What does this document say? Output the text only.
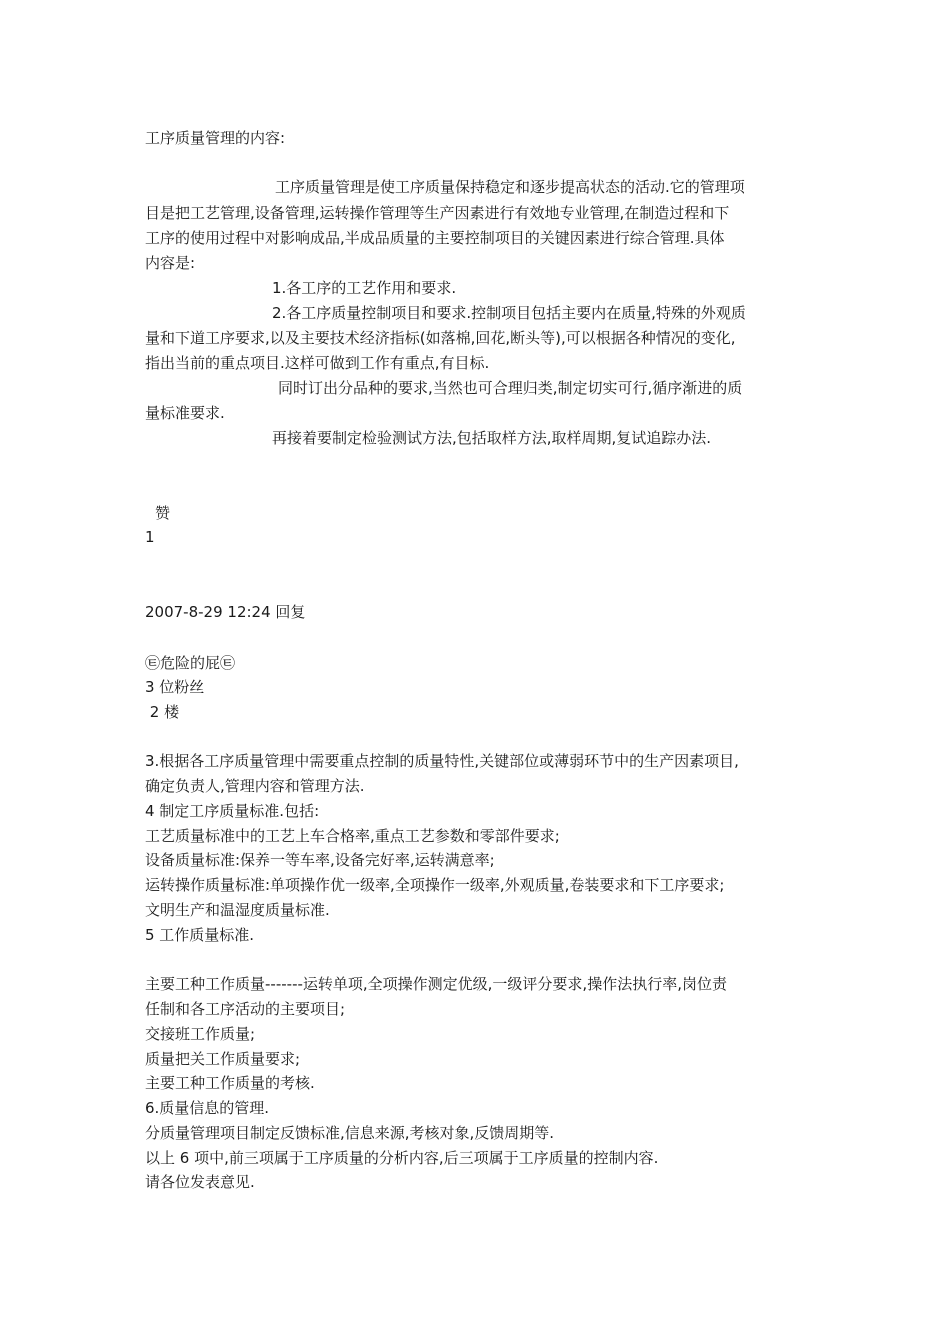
工序质量管理的内容:
工序质量管理是使工序质量保持稳定和逐步提高状态的活动.它的管理项
目是把工艺管理,设备管理,运转操作管理等生产因素进行有效地专业管理,在制造过程和下
工序的使用过程中对影响成品,半成品质量的主要控制项目的关键因素进行综合管理.具体
内容是:
1.各工序的工艺作用和要求.
2.各工序质量控制项目和要求.控制项目包括主要内在质量,特殊的外观质
量和下道工序要求,以及主要技术经济指标(如落棉,回花,断头等),可以根据各种情况的变化,
指出当前的重点项目.这样可做到工作有重点,有目标.
同时订出分品种的要求,当然也可合理归类,制定切实可行,循序渐进的质
量标准要求.
再接着要制定检验测试方法,包括取样方法,取样周期,复试追踪办法.
赞
1
2007-8-29 12:24 回复
㉫危险的屁㉫
3 位粉丝
2 楼
3.根据各工序质量管理中需要重点控制的质量特性,关键部位或薄弱环节中的生产因素项目,
确定负责人,管理内容和管理方法.
4 制定工序质量标准.包括:
工艺质量标准中的工艺上车合格率,重点工艺参数和零部件要求;
设备质量标准:保养一等车率,设备完好率,运转满意率;
运转操作质量标准:单项操作优一级率,全项操作一级率,外观质量,卷装要求和下工序要求;
文明生产和温湿度质量标准.
5 工作质量标准.
主要工种工作质量-------运转单项,全项操作测定优级,一级评分要求,操作法执行率,岗位责
任制和各工序活动的主要项目;
交接班工作质量;
质量把关工作质量要求;
主要工种工作质量的考核.
6.质量信息的管理.
分质量管理项目制定反馈标准,信息来源,考核对象,反馈周期等.
以上 6 项中,前三项属于工序质量的分析内容,后三项属于工序质量的控制内容.
请各位发表意见.
